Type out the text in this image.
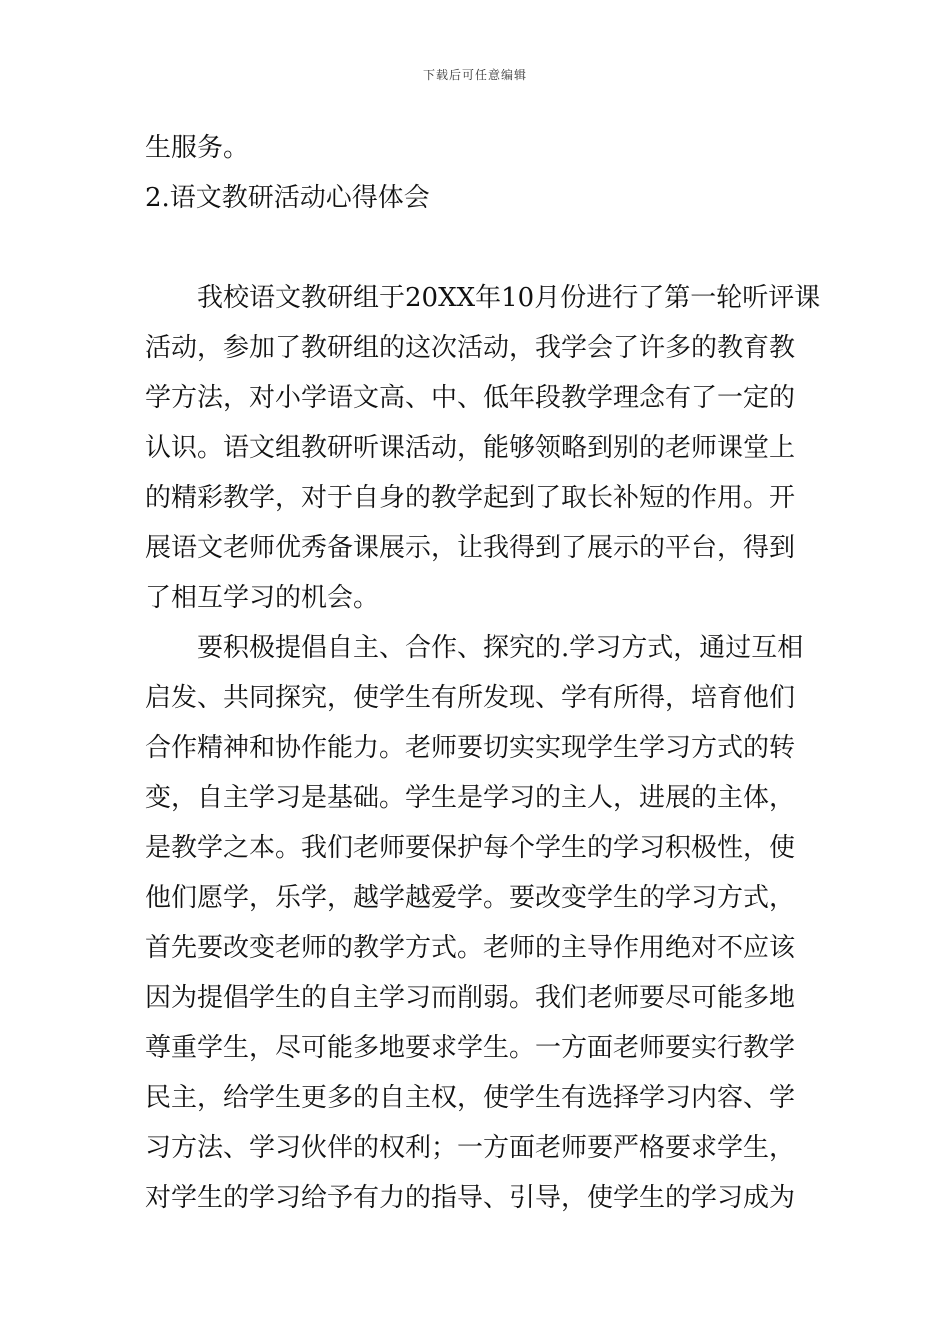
下载后可任意编辑
生服务。
2.语文教研活动心得体会
我校语文教研组于20XX年10月份进行了第一轮听评课
活动，参加了教研组的这次活动，我学会了许多的教育教
学方法，对小学语文高、中、低年段教学理念有了一定的
认识。语文组教研听课活动，能够领略到别的老师课堂上
的精彩教学，对于自身的教学起到了取长补短的作用。开
展语文老师优秀备课展示，让我得到了展示的平台，得到
了相互学习的机会。
要积极提倡自主、合作、探究的.学习方式，通过互相
启发、共同探究，使学生有所发现、学有所得，培育他们
合作精神和协作能力。老师要切实实现学生学习方式的转
变，自主学习是基础。学生是学习的主人，进展的主体，
是教学之本。我们老师要保护每个学生的学习积极性，使
他们愿学，乐学，越学越爱学。要改变学生的学习方式，
首先要改变老师的教学方式。老师的主导作用绝对不应该
因为提倡学生的自主学习而削弱。我们老师要尽可能多地
尊重学生，尽可能多地要求学生。一方面老师要实行教学
民主，给学生更多的自主权，使学生有选择学习内容、学
习方法、学习伙伴的权利；一方面老师要严格要求学生，
对学生的学习给予有力的指导、引导，使学生的学习成为
